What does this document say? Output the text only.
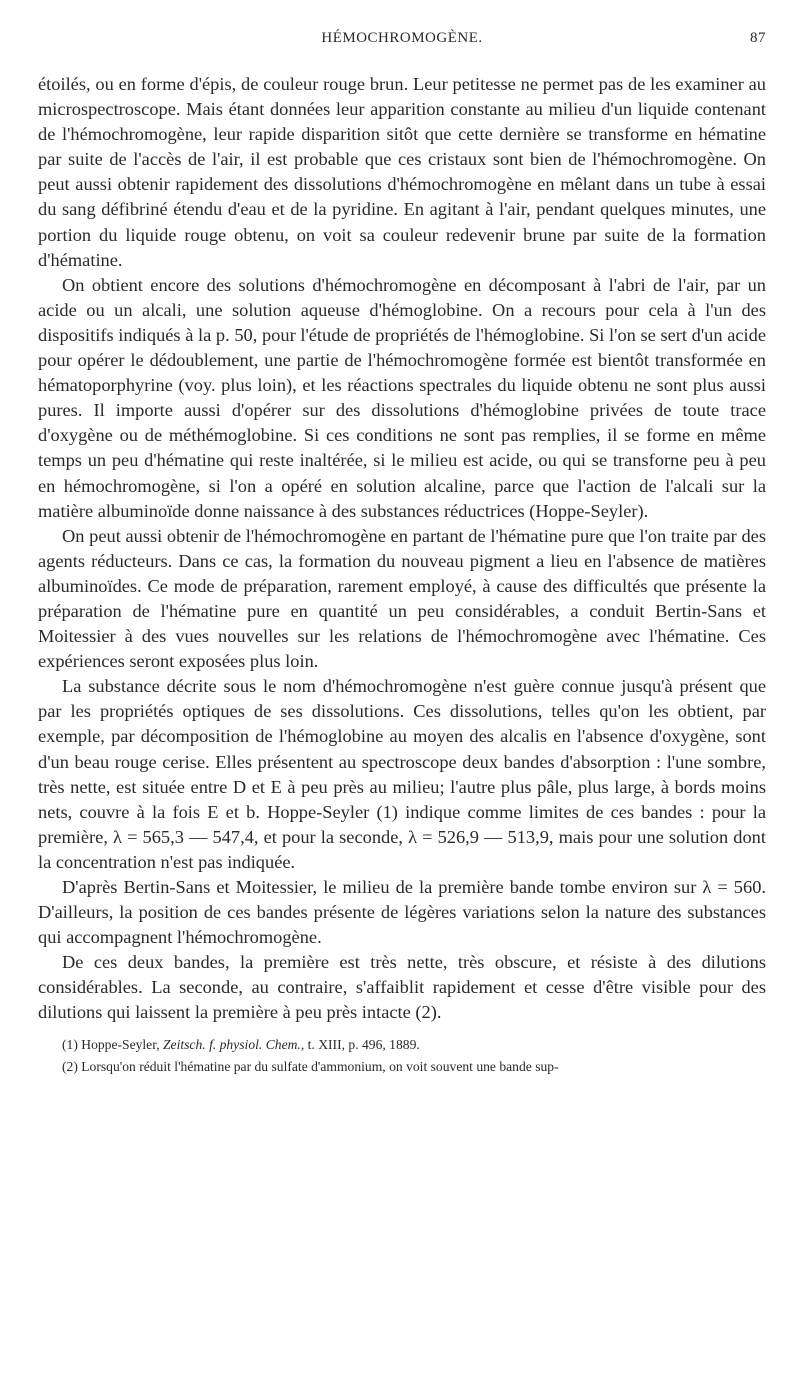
HÉMOCHROMOGÈNE.	87

étoilés, ou en forme d'épis, de couleur rouge brun. Leur petitesse ne permet pas de les examiner au microspectroscope. Mais étant données leur apparition constante au milieu d'un liquide contenant de l'hémochromogène, leur rapide disparition sitôt que cette dernière se transforme en hématine par suite de l'accès de l'air, il est probable que ces cristaux sont bien de l'hémochromogène. On peut aussi obtenir rapidement des dissolutions d'hémochromogène en mêlant dans un tube à essai du sang défibriné étendu d'eau et de la pyridine. En agitant à l'air, pendant quelques minutes, une portion du liquide rouge obtenu, on voit sa couleur redevenir brune par suite de la formation d'hématine.

On obtient encore des solutions d'hémochromogène en décomposant à l'abri de l'air, par un acide ou un alcali, une solution aqueuse d'hémoglobine. On a recours pour cela à l'un des dispositifs indiqués à la p. 50, pour l'étude de propriétés de l'hémoglobine. Si l'on se sert d'un acide pour opérer le dédoublement, une partie de l'hémochromogène formée est bientôt transformée en hématoporphyrine (voy. plus loin), et les réactions spectrales du liquide obtenu ne sont plus aussi pures. Il importe aussi d'opérer sur des dissolutions d'hémoglobine privées de toute trace d'oxygène ou de méthémoglobine. Si ces conditions ne sont pas remplies, il se forme en même temps un peu d'hématine qui reste inaltérée, si le milieu est acide, ou qui se transforne peu à peu en hémochromogène, si l'on a opéré en solution alcaline, parce que l'action de l'alcali sur la matière albuminoïde donne naissance à des substances réductrices (Hoppe-Seyler).

On peut aussi obtenir de l'hémochromogène en partant de l'hématine pure que l'on traite par des agents réducteurs. Dans ce cas, la formation du nouveau pigment a lieu en l'absence de matières albuminoïdes. Ce mode de préparation, rarement employé, à cause des difficultés que présente la préparation de l'hématine pure en quantité un peu considérables, a conduit Bertin-Sans et Moitessier à des vues nouvelles sur les relations de l'hémochromogène avec l'hématine. Ces expériences seront exposées plus loin.

La substance décrite sous le nom d'hémochromogène n'est guère connue jusqu'à présent que par les propriétés optiques de ses dissolutions. Ces dissolutions, telles qu'on les obtient, par exemple, par décomposition de l'hémoglobine au moyen des alcalis en l'absence d'oxygène, sont d'un beau rouge cerise. Elles présentent au spectroscope deux bandes d'absorption : l'une sombre, très nette, est située entre D et E à peu près au milieu; l'autre plus pâle, plus large, à bords moins nets, couvre à la fois E et b. Hoppe-Seyler (1) indique comme limites de ces bandes : pour la première, λ = 565,3 — 547,4, et pour la seconde, λ = 526,9 — 513,9, mais pour une solution dont la concentration n'est pas indiquée.

D'après Bertin-Sans et Moitessier, le milieu de la première bande tombe environ sur λ = 560. D'ailleurs, la position de ces bandes présente de légères variations selon la nature des substances qui accompagnent l'hémochromogène.

De ces deux bandes, la première est très nette, très obscure, et résiste à des dilutions considérables. La seconde, au contraire, s'affaiblit rapidement et cesse d'être visible pour des dilutions qui laissent la première à peu près intacte (2).

(1) Hoppe-Seyler, Zeitsch. f. physiol. Chem., t. XIII, p. 496, 1889.

(2) Lorsqu'on réduit l'hématine par du sulfate d'ammonium, on voit souvent une bande sup-
